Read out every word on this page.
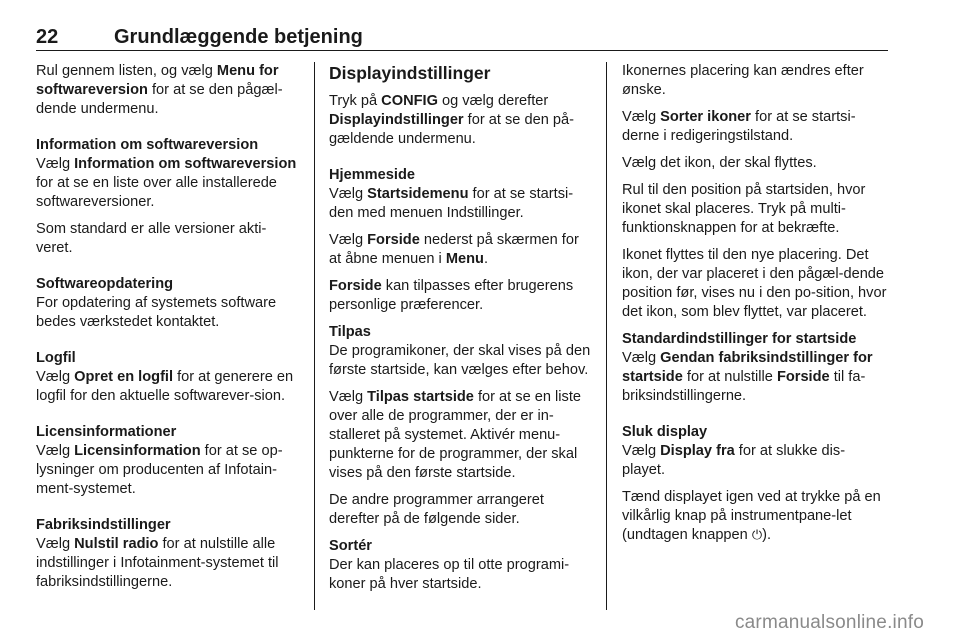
22	Grundlæggende betjening

Rul gennem listen, og vælg Menu for softwareversion for at se den pågæl-dende undermenu.

Information om softwareversion

Vælg Information om softwareversion for at se en liste over alle installerede softwareversioner.

Som standard er alle versioner akti-veret.

Softwareopdatering

For opdatering af systemets software bedes værkstedet kontaktet.

Logfil

Vælg Opret en logfil for at generere en logfil for den aktuelle softwarever-sion.

Licensinformationer

Vælg Licensinformation for at se op-lysninger om producenten af Infotain-ment-systemet.

Fabriksindstillinger

Vælg Nulstil radio for at nulstille alle indstillinger i Infotainment-systemet til fabriksindstillingerne.

Displayindstillinger

Tryk på CONFIG og vælg derefter Displayindstillinger for at se den på-gældende undermenu.

Hjemmeside

Vælg Startsidemenu for at se startsi-den med menuen Indstillinger.

Vælg Forside nederst på skærmen for at åbne menuen i Menu.

Forside kan tilpasses efter brugerens personlige præferencer.

Tilpas

De programikoner, der skal vises på den første startside, kan vælges efter behov.

Vælg Tilpas startside for at se en liste over alle de programmer, der er in-stalleret på systemet. Aktivér menu-punkterne for de programmer, der skal vises på den første startside.

De andre programmer arrangeret derefter på de følgende sider.

Sortér

Der kan placeres op til otte programi-koner på hver startside.

Ikonernes placering kan ændres efter ønske.

Vælg Sorter ikoner for at se startsi-derne i redigeringstilstand.

Vælg det ikon, der skal flyttes.

Rul til den position på startsiden, hvor ikonet skal placeres. Tryk på multi-funktionsknappen for at bekræfte.

Ikonet flyttes til den nye placering. Det ikon, der var placeret i den pågæl-dende position før, vises nu i den po-sition, hvor det ikon, som blev flyttet, var placeret.

Standardindstillinger for startside

Vælg Gendan fabriksindstillinger for startside for at nulstille Forside til fa-briksindstillingerne.

Sluk display

Vælg Display fra for at slukke dis-playet.

Tænd displayet igen ved at trykke på en vilkårlig knap på instrumentpane-let (undtagen knappen ⏻).

carmanualsonline.info
